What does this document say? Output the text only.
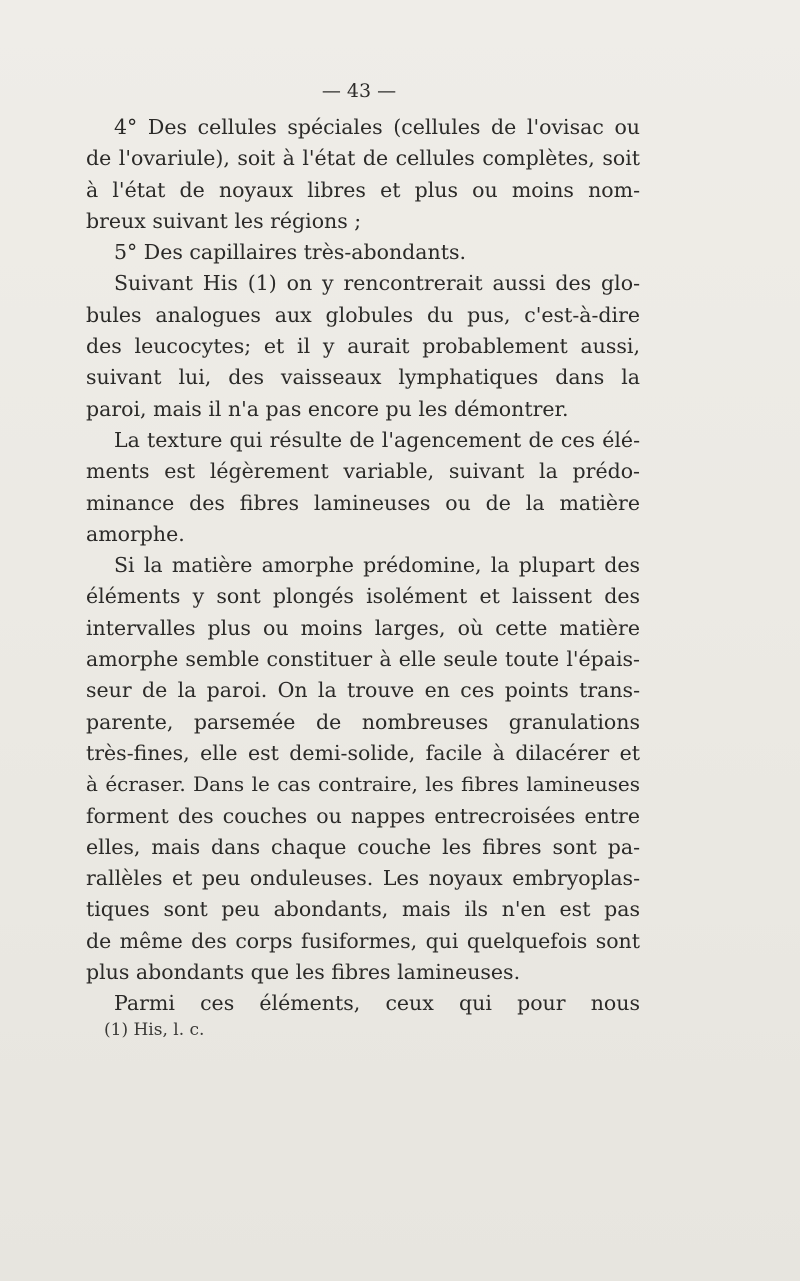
— 43 —
4° Des cellules spéciales (cellules de l'ovisac ou
de l'ovariule), soit à l'état de cellules complètes, soit
à l'état de noyaux libres et plus ou moins nom-
breux suivant les régions ;
5° Des capillaires très-abondants.
Suivant His (1) on y rencontrerait aussi des glo-
bules analogues aux globules du pus, c'est-à-dire
des leucocytes; et il y aurait probablement aussi,
suivant lui, des vaisseaux lymphatiques dans la
paroi, mais il n'a pas encore pu les démontrer.
La texture qui résulte de l'agencement de ces élé-
ments est légèrement variable, suivant la prédo-
minance des fibres lamineuses ou de la matière
amorphe.
Si la matière amorphe prédomine, la plupart des
éléments y sont plongés isolément et laissent des
intervalles plus ou moins larges, où cette matière
amorphe semble constituer à elle seule toute l'épais-
seur de la paroi. On la trouve en ces points trans-
parente, parsemée de nombreuses granulations
très-fines, elle est demi-solide, facile à dilacérer et
à écraser. Dans le cas contraire, les fibres lamineuses
forment des couches ou nappes entrecroisées entre
elles, mais dans chaque couche les fibres sont pa-
rallèles et peu onduleuses. Les noyaux embryoplas-
tiques sont peu abondants, mais ils n'en est pas
de même des corps fusiformes, qui quelquefois sont
plus abondants que les fibres lamineuses.
Parmi ces éléments, ceux qui pour nous
(1) His, l. c.
